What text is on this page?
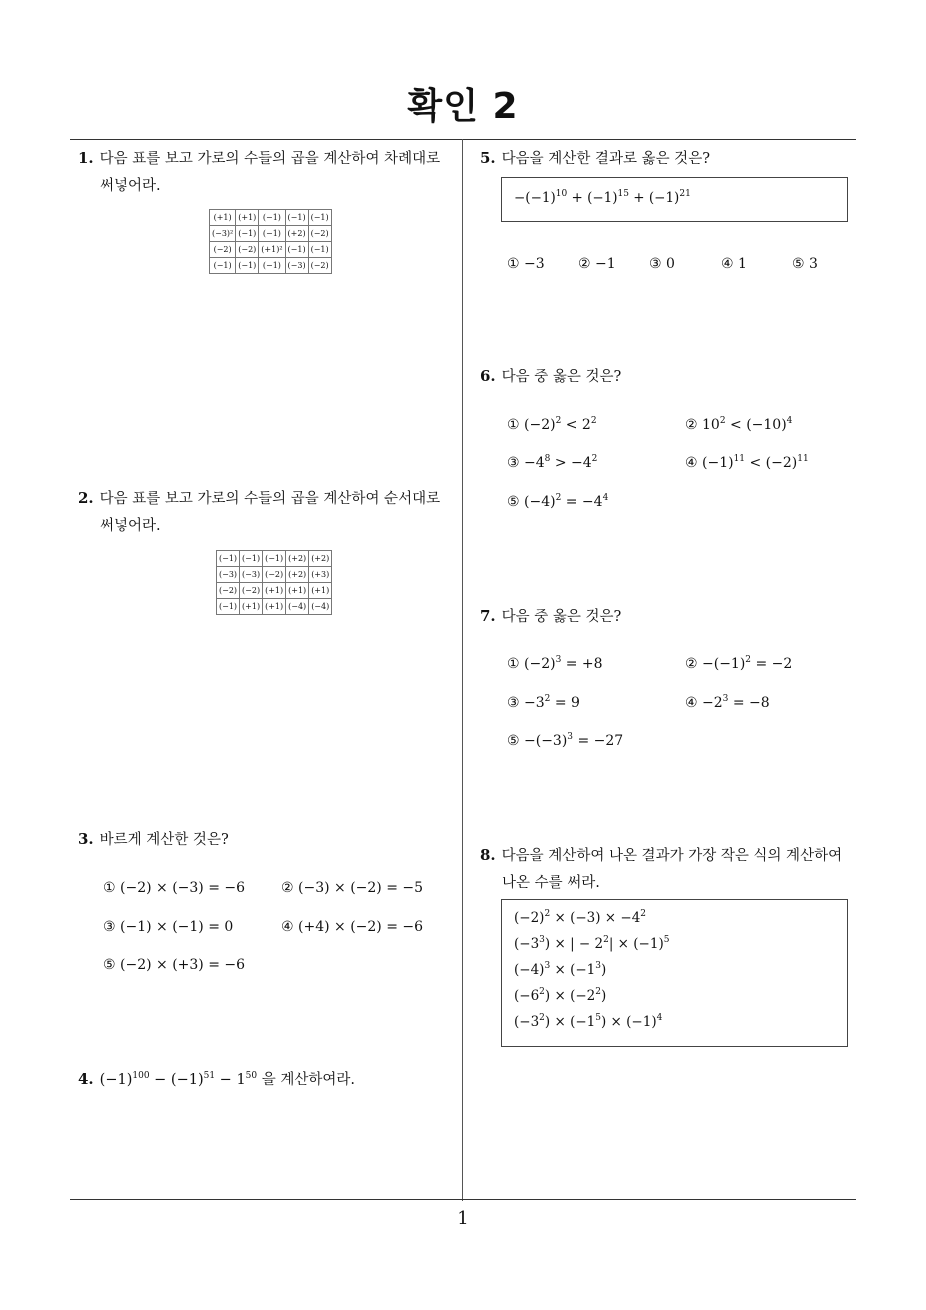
확인 2
1. 다음 표를 보고 가로의 수들의 곱을 계산하여 차례대로
써넣어라.
(+1)	(+1)	(−1)	(−1)	(−1)
(−3)²	(−1)	(−1)	(+2)	(−2)
(−2)	(−2)	(+1)²	(−1)	(−1)
(−1)	(−1)	(−1)	(−3)	(−2)
2. 다음 표를 보고 가로의 수들의 곱을 계산하여 순서대로
써넣어라.
(−1)	(−1)	(−1)	(+2)	(+2)
(−3)	(−3)	(−2)	(+2)	(+3)
(−2)	(−2)	(+1)	(+1)	(+1)
(−1)	(+1)	(+1)	(−4)	(−4)
3. 바르게 계산한 것은?
① (−2) × (−3) = −6	② (−3) × (−2) = −5
③ (−1) × (−1) = 0	④ (+4) × (−2) = −6
⑤ (−2) × (+3) = −6
4. $(-1)^{100} - (-1)^{51} - 1^{50}$ 을 계산하여라.
5. 다음을 계산한 결과로 옳은 것은?
$-(-1)^{10} + (-1)^{15} + (-1)^{21}$
① −3 ② −1 ③ 0	④ 1	⑤ 3
6. 다음 중 옳은 것은?
① $(-2)^2 < 2^2$	② $10^2 < (-10)^4$
③ $-4^8 > -4^2$	④ $(-1)^{11} < (-2)^{11}$
⑤ $(-4)^2 = -4^4$
7. 다음 중 옳은 것은?
① $(-2)^3 = +8$	② $-(-1)^2 = -2$
③ $-3^2 = 9$	④ $-2^3 = -8$
⑤ $-(-3)^3 = -27$
8. 다음을 계산하여 나온 결과가 가장 작은 식의 계산하여
나온 수를 써라.
$(-2)^2 \times (-3) \times -4^2$
$(-3^3)$ × | − $2^2| \times (-1)^5$
$(-4)^3 \times (-1^3)$
$(-6^2) \times (-2^2)$
$(-3^2) \times (-1^5) \times (-1)^4$
1
